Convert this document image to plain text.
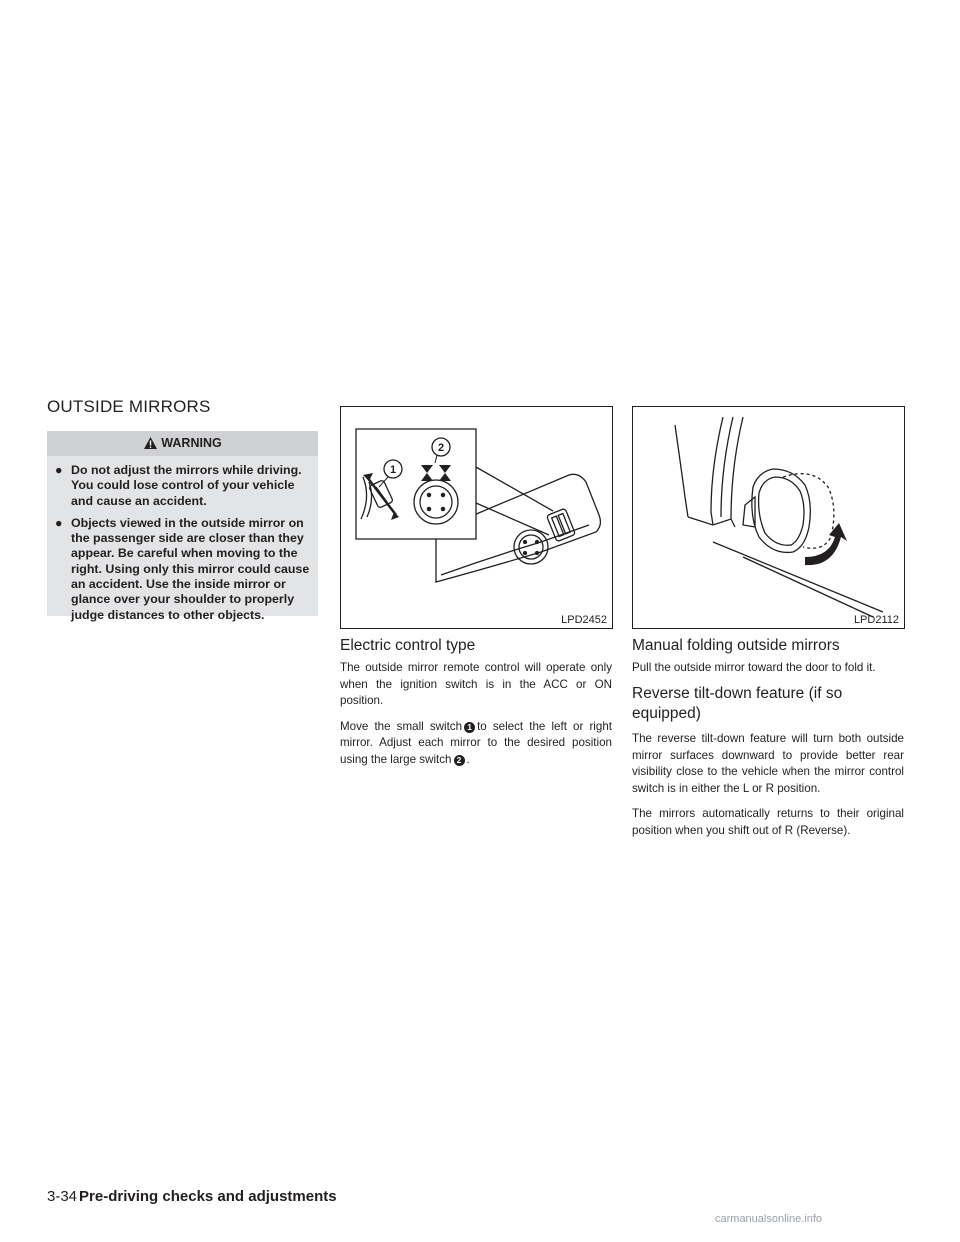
OUTSIDE MIRRORS
WARNING
● Do not adjust the mirrors while driving. You could lose control of your vehicle and cause an accident.
● Objects viewed in the outside mirror on the passenger side are closer than they appear. Be careful when moving to the right. Using only this mirror could cause an accident. Use the inside mirror or glance over your shoulder to properly judge distances to other objects.
1
2
LPD2452	LPD2112
Electric control type

The outside mirror remote control will operate only when the ignition switch is in the ACC or ON position.

Move the small switch 1 to select the left or right mirror. Adjust each mirror to the desired position using the large switch 2 .

Manual folding outside mirrors
Pull the outside mirror toward the door to fold it.
Reverse tilt-down feature (if so equipped)

The reverse tilt-down feature will turn both outside mirror surfaces downward to provide better rear visibility close to the vehicle when the mirror control switch is in either the L or R position.

The mirrors automatically returns to their original position when you shift out of R (Reverse).

3-34 Pre-driving checks and adjustments
carmanualsonline.info
